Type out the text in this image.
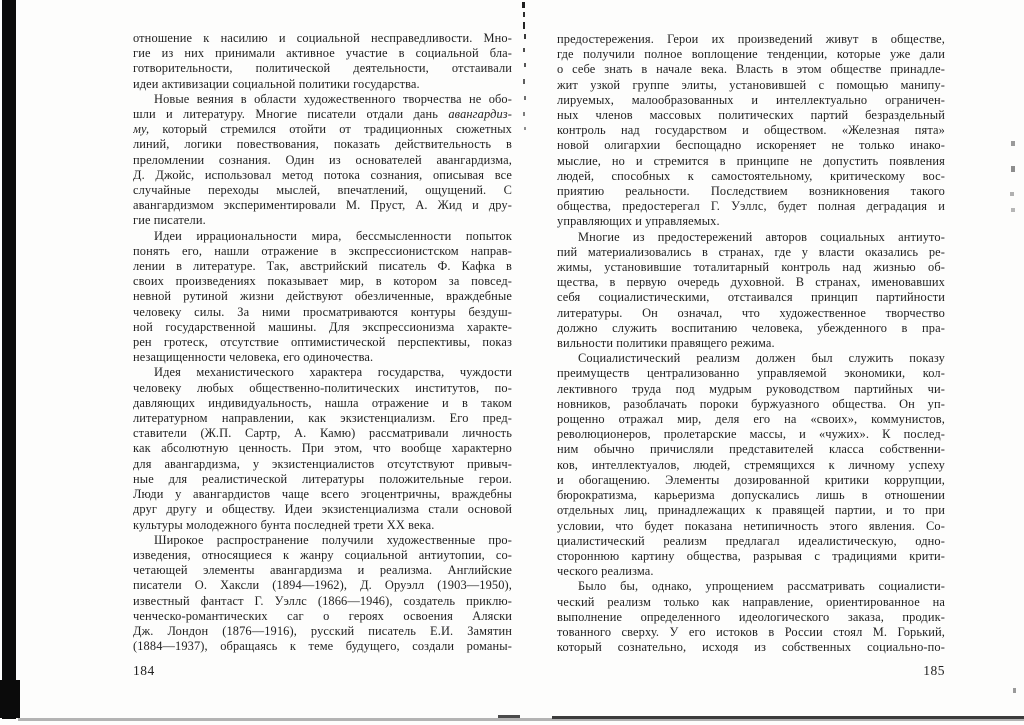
отношение к насилию и социальной несправедливости. Мно-
гие из них принимали активное участие в социальной бла-
готворительности, политической деятельности, отстаивали
идеи активизации социальной политики государства.
Новые веяния в области художественного творчества не обо-
шли и литературу. Многие писатели отдали дань авангардиз-
му, который стремился отойти от традиционных сюжетных
линий, логики повествования, показать действительность в
преломлении сознания. Один из основателей авангардизма,
Д. Джойс, использовал метод потока сознания, описывая все
случайные переходы мыслей, впечатлений, ощущений. С
авангардизмом экспериментировали М. Пруст, А. Жид и дру-
гие писатели.
Идеи иррациональности мира, бессмысленности попыток
понять его, нашли отражение в экспрессионистском направ-
лении в литературе. Так, австрийский писатель Ф. Кафка в
своих произведениях показывает мир, в котором за повсед-
невной рутиной жизни действуют обезличенные, враждебные
человеку силы. За ними просматриваются контуры бездуш-
ной государственной машины. Для экспрессионизма характе-
рен гротеск, отсутствие оптимистической перспективы, показ
незащищенности человека, его одиночества.
Идея механистического характера государства, чуждости
человеку любых общественно-политических институтов, по-
давляющих индивидуальность, нашла отражение и в таком
литературном направлении, как экзистенциализм. Его пред-
ставители (Ж.П. Сартр, А. Камю) рассматривали личность
как абсолютную ценность. При этом, что вообще характерно
для авангардизма, у экзистенциалистов отсутствуют привыч-
ные для реалистической литературы положительные герои.
Люди у авангардистов чаще всего эгоцентричны, враждебны
друг другу и обществу. Идеи экзистенциализма стали основой
культуры молодежного бунта последней трети XX века.
Широкое распространение получили художественные про-
изведения, относящиеся к жанру социальной антиутопии, со-
четающей элементы авангардизма и реализма. Английские
писатели О. Хаксли (1894—1962), Д. Оруэлл (1903—1950),
известный фантаст Г. Уэллс (1866—1946), создатель приклю-
ченческо-романтических саг о героях освоения Аляски
Дж. Лондон (1876—1916), русский писатель Е.И. Замятин
(1884—1937), обращаясь к теме будущего, создали романы-
предостережения. Герои их произведений живут в обществе,
где получили полное воплощение тенденции, которые уже дали
о себе знать в начале века. Власть в этом обществе принадле-
жит узкой группе элиты, установившей с помощью манипу-
лируемых, малообразованных и интеллектуально ограничен-
ных членов массовых политических партий безраздельный
контроль над государством и обществом. «Железная пята»
новой олигархии беспощадно искореняет не только инако-
мыслие, но и стремится в принципе не допустить появления
людей, способных к самостоятельному, критическому вос-
приятию реальности. Последствием возникновения такого
общества, предостерегал Г. Уэллс, будет полная деградация и
управляющих и управляемых.
Многие из предостережений авторов социальных антиуто-
пий материализовались в странах, где у власти оказались ре-
жимы, установившие тоталитарный контроль над жизнью об-
щества, в первую очередь духовной. В странах, именовавших
себя социалистическими, отстаивался принцип партийности
литературы. Он означал, что художественное творчество
должно служить воспитанию человека, убежденного в пра-
вильности политики правящего режима.
Социалистический реализм должен был служить показу
преимуществ централизованно управляемой экономики, кол-
лективного труда под мудрым руководством партийных чи-
новников, разоблачать пороки буржуазного общества. Он уп-
рощенно отражал мир, деля его на «своих», коммунистов,
революционеров, пролетарские массы, и «чужих». К послед-
ним обычно причисляли представителей класса собственни-
ков, интеллектуалов, людей, стремящихся к личному успеху
и обогащению. Элементы дозированной критики коррупции,
бюрократизма, карьеризма допускались лишь в отношении
отдельных лиц, принадлежащих к правящей партии, и то при
условии, что будет показана нетипичность этого явления. Со-
циалистический реализм предлагал идеалистическую, одно-
стороннюю картину общества, разрывая с традициями крити-
ческого реализма.
Было бы, однако, упрощением рассматривать социалисти-
ческий реализм только как направление, ориентированное на
выполнение определенного идеологического заказа, продик-
тованного сверху. У его истоков в России стоял М. Горький,
который сознательно, исходя из собственных социально-по-
184	185
